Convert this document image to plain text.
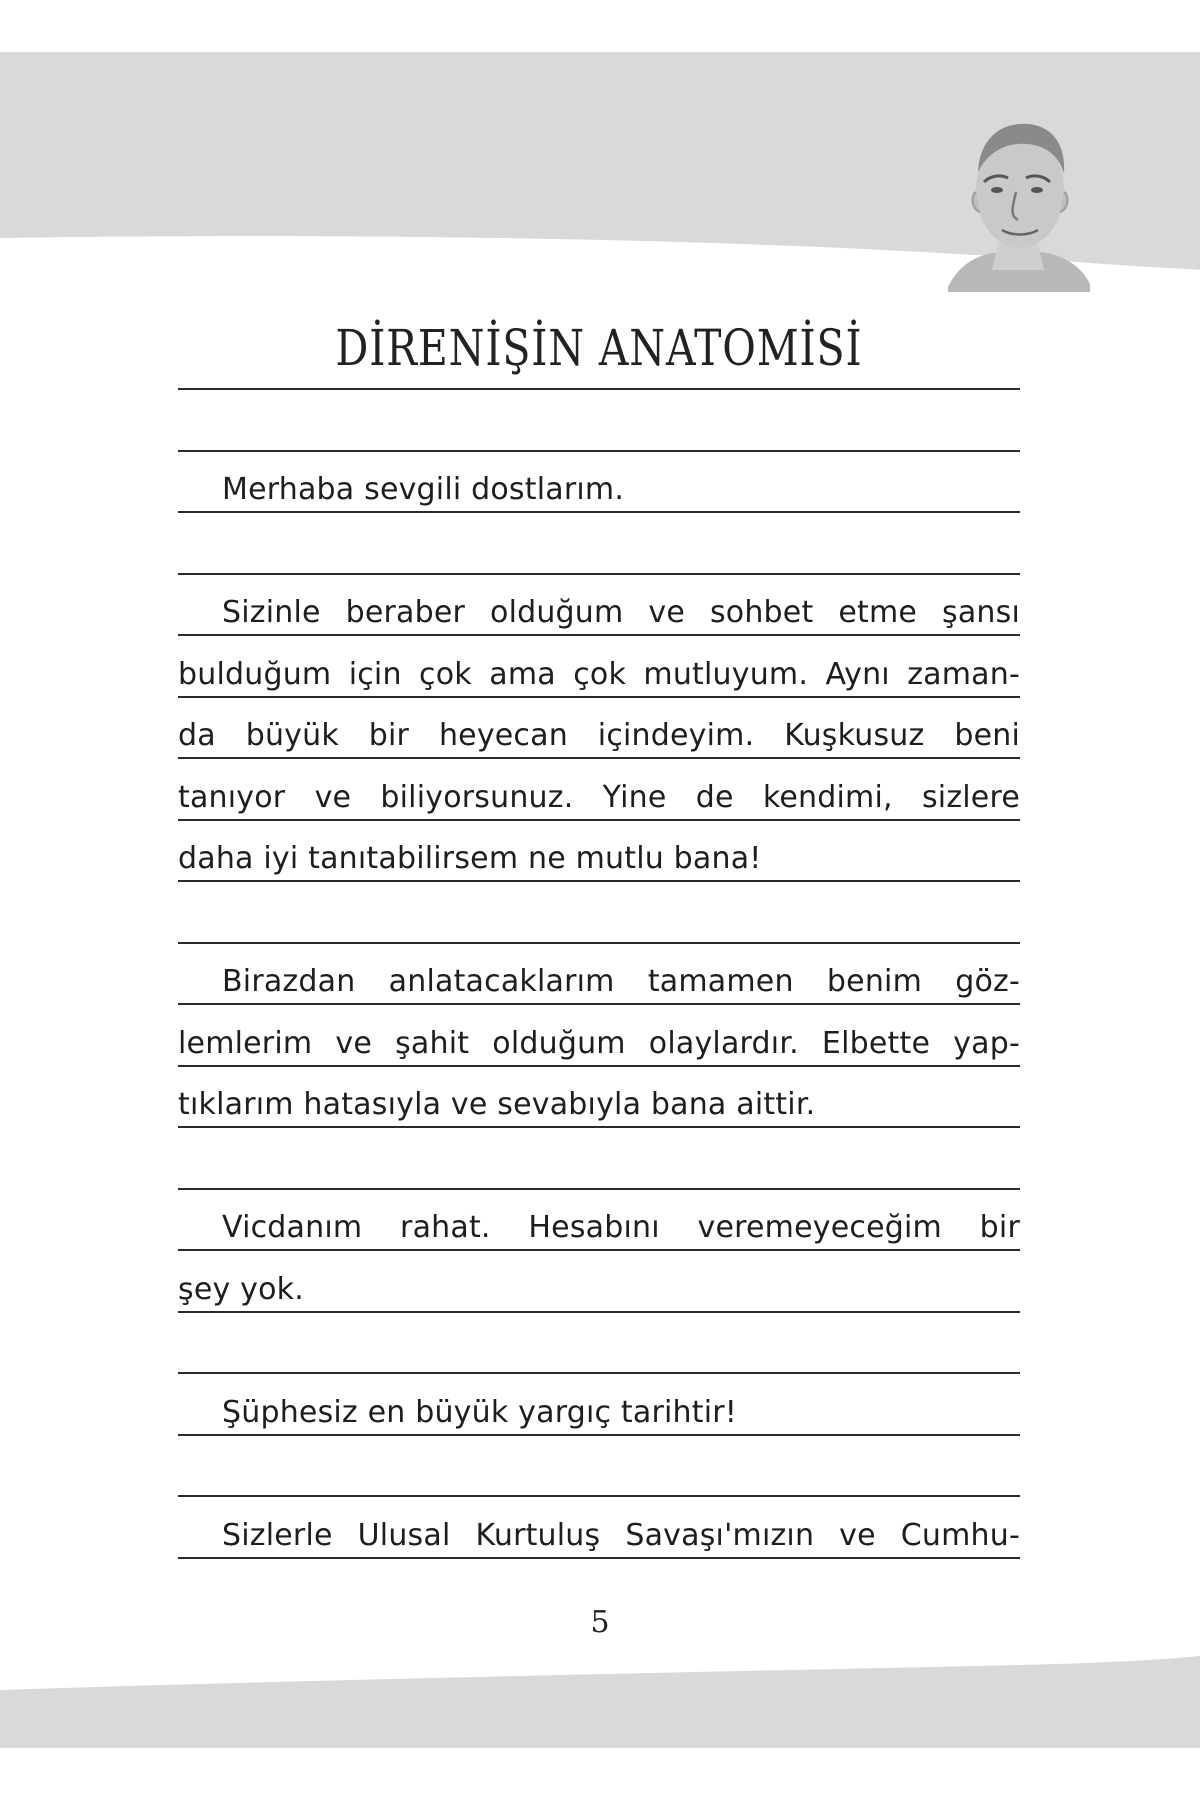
DİRENİŞİN ANATOMİSİ
Merhaba sevgili dostlarım.
Sizinle beraber olduğum ve sohbet etme şansı
bulduğum için çok ama çok mutluyum. Aynı zaman-
da büyük bir heyecan içindeyim. Kuşkusuz beni
tanıyor ve biliyorsunuz. Yine de kendimi, sizlere
daha iyi tanıtabilirsem ne mutlu bana!
Birazdan anlatacaklarım tamamen benim göz-
lemlerim ve şahit olduğum olaylardır. Elbette yap-
tıklarım hatasıyla ve sevabıyla bana aittir.
Vicdanım rahat. Hesabını veremeyeceğim bir
şey yok.
Şüphesiz en büyük yargıç tarihtir!
Sizlerle Ulusal Kurtuluş Savaşı'mızın ve Cumhu-
5
